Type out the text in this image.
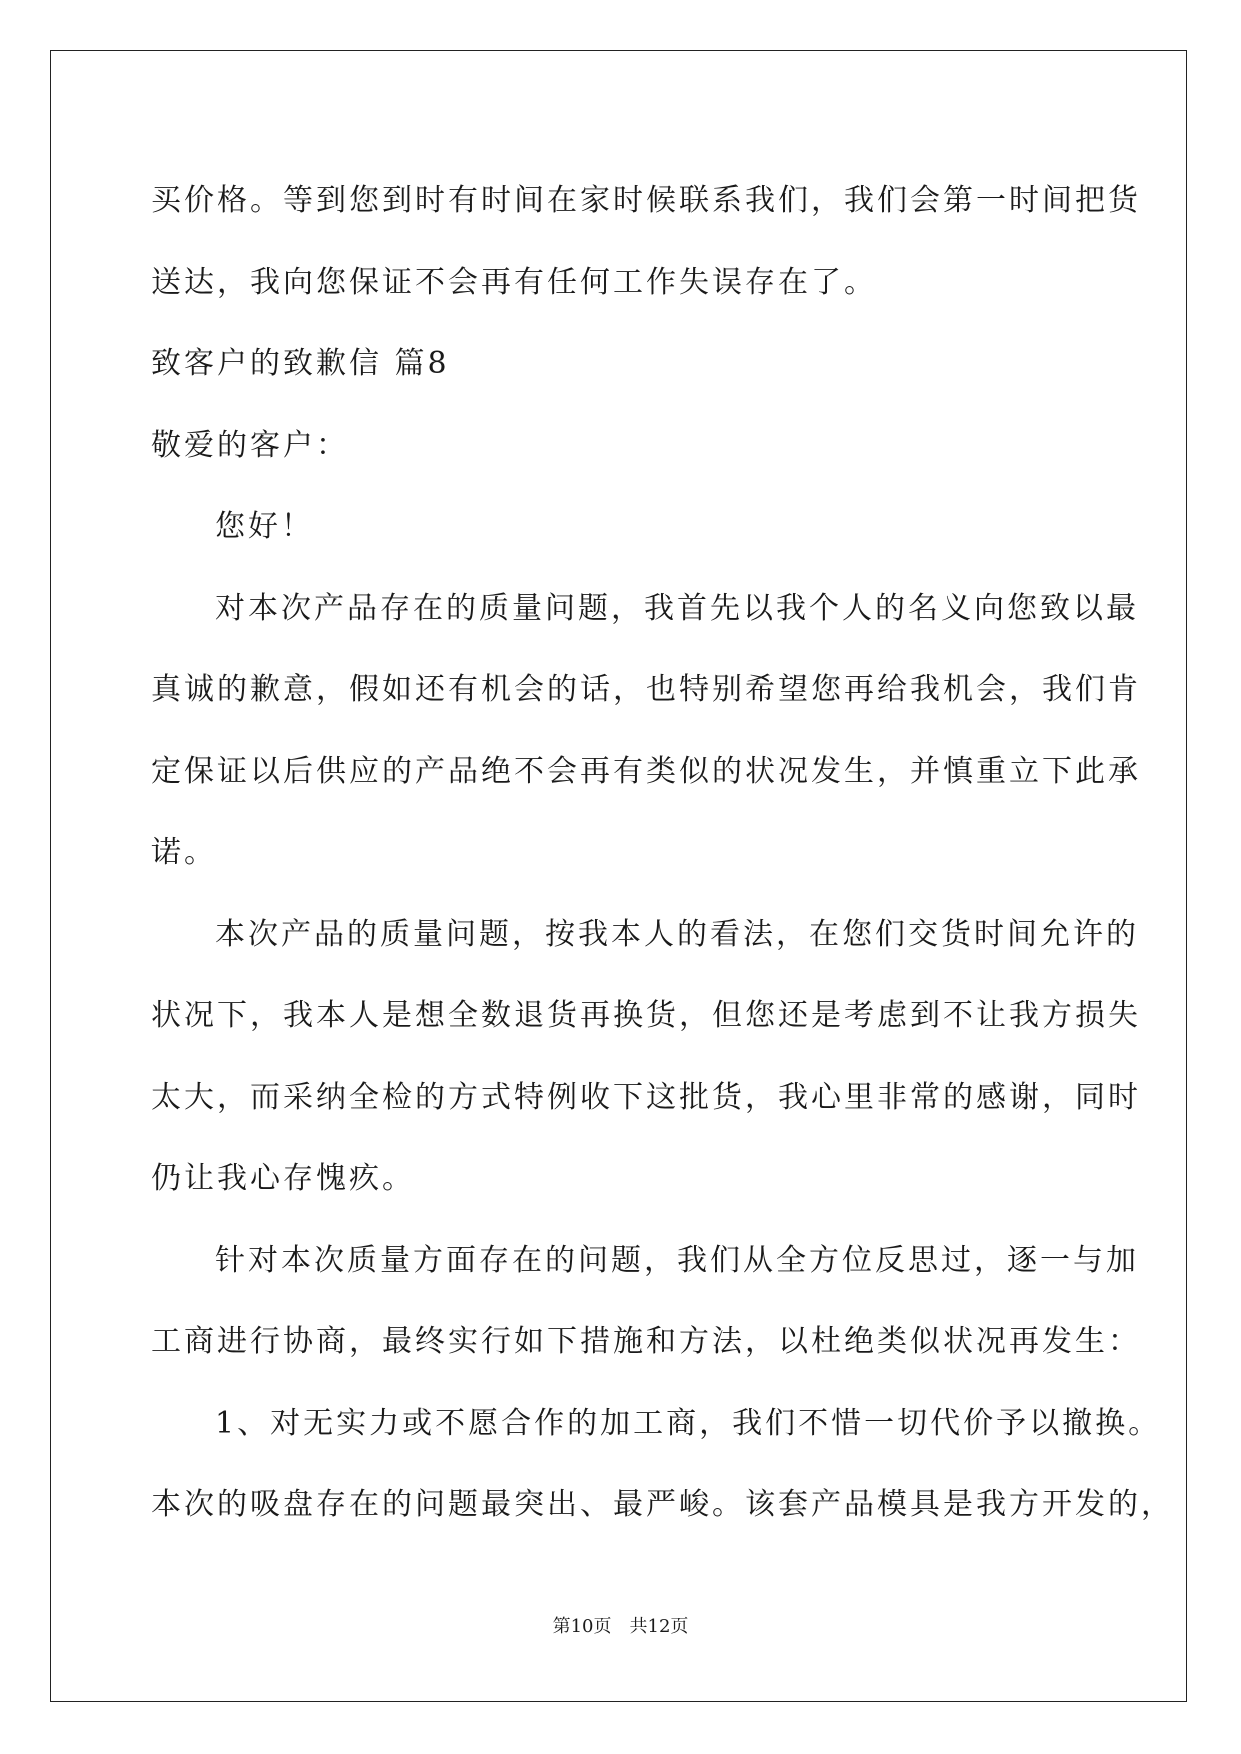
买价格。等到您到时有时间在家时候联系我们，我们会第一时间把货
送达，我向您保证不会再有任何工作失误存在了。
致客户的致歉信 篇8
敬爱的客户：
您好！
对本次产品存在的质量问题，我首先以我个人的名义向您致以最
真诚的歉意，假如还有机会的话，也特别希望您再给我机会，我们肯
定保证以后供应的产品绝不会再有类似的状况发生，并慎重立下此承
诺。
本次产品的质量问题，按我本人的看法，在您们交货时间允许的
状况下，我本人是想全数退货再换货，但您还是考虑到不让我方损失
太大，而采纳全检的方式特例收下这批货，我心里非常的感谢，同时
仍让我心存愧疚。
针对本次质量方面存在的问题，我们从全方位反思过，逐一与加
工商进行协商，最终实行如下措施和方法，以杜绝类似状况再发生：
1、对无实力或不愿合作的加工商，我们不惜一切代价予以撤换。
本次的吸盘存在的问题最突出、最严峻。该套产品模具是我方开发的，
第10页 共12页
